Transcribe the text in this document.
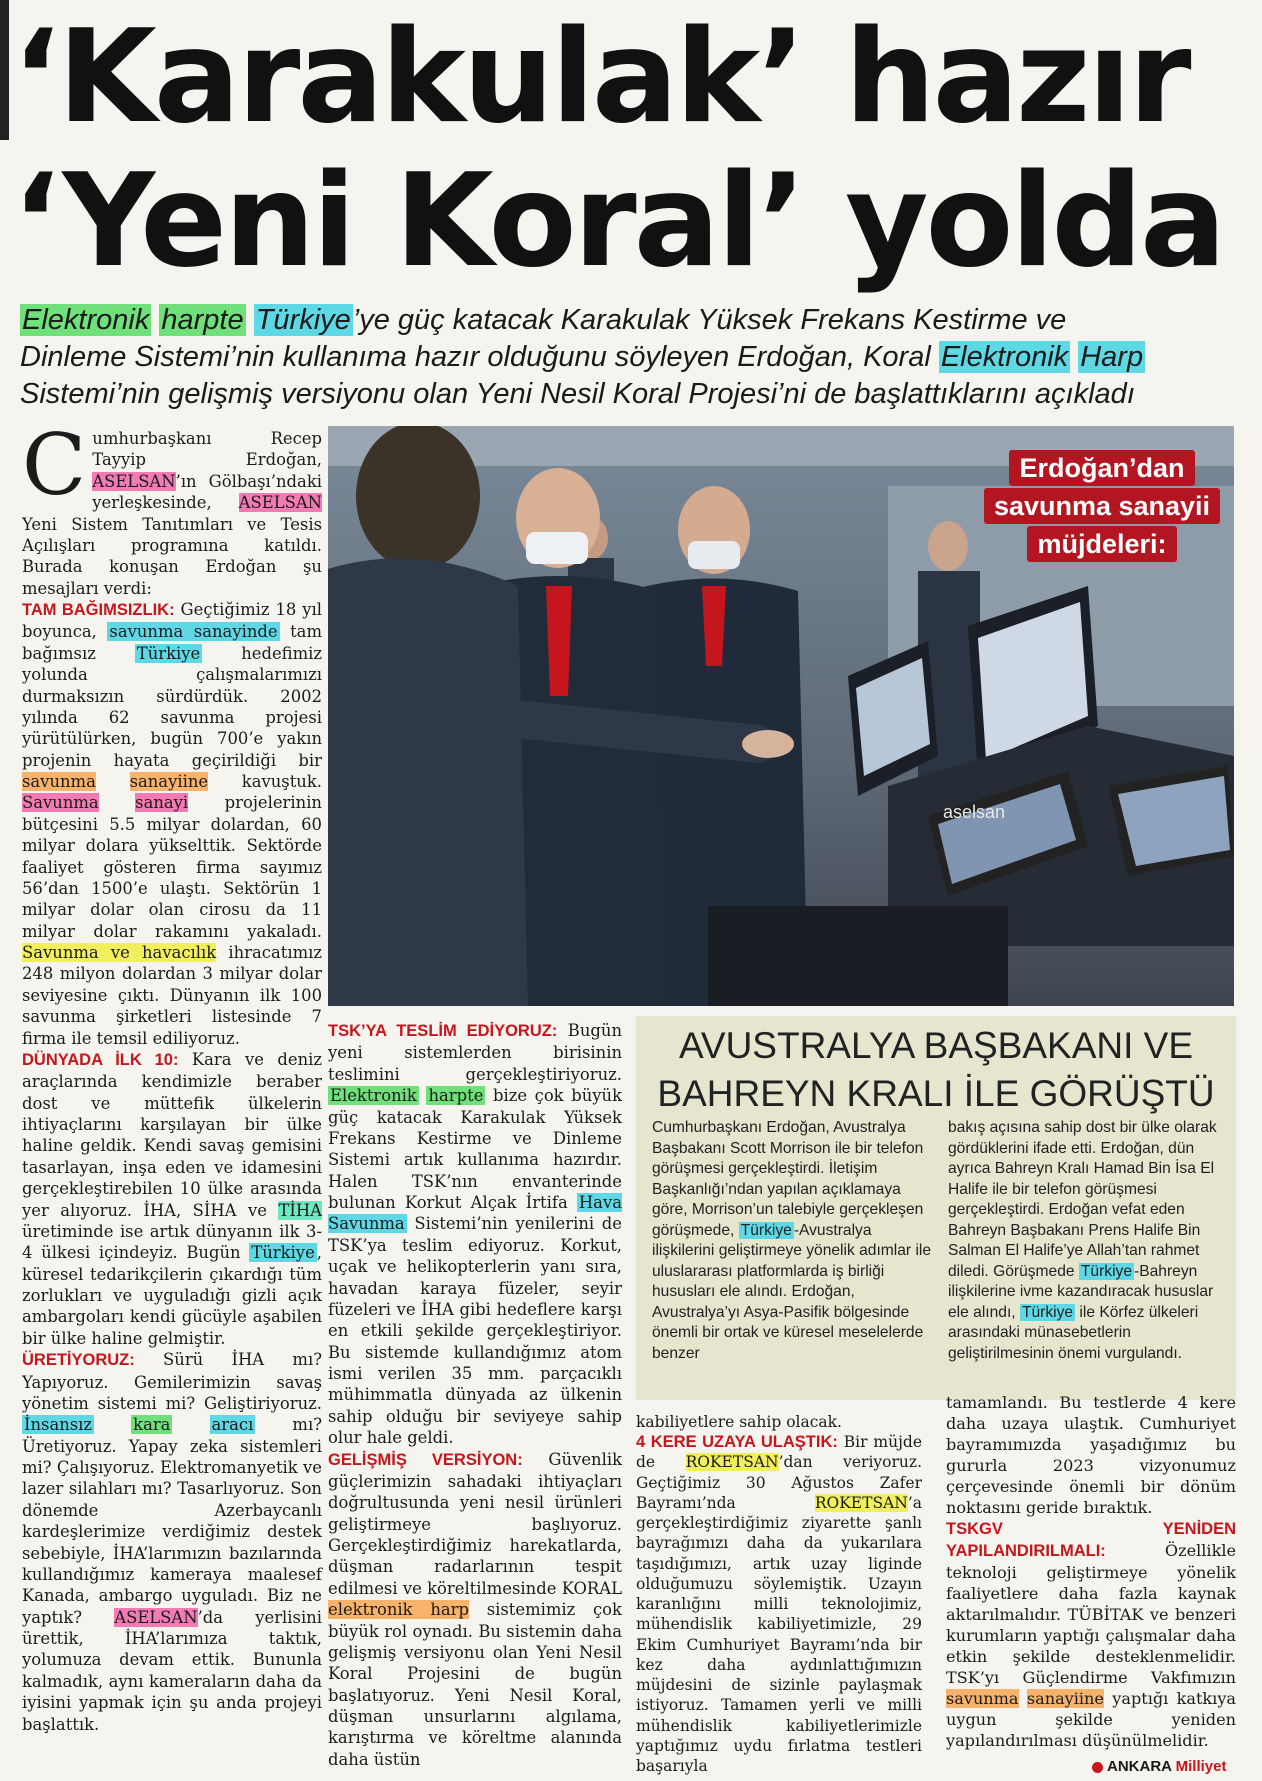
‘Karakulak’ hazır
‘Yeni Koral’ yolda

Elektronik harpte Türkiye’ye güç katacak Karakulak Yüksek Frekans Kestirme ve

Dinleme Sistemi’nin kullanıma hazır olduğunu söyleyen Erdoğan, Koral Elektronik Harp

Sistemi’nin gelişmiş versiyonu olan Yeni Nesil Koral Projesi’ni de başlattıklarını açıkladı

Cumhurbaşkanı Recep Tayyip Erdoğan, ASELSAN’ın Gölbaşı’ndaki yerleşkesinde, ASELSAN Yeni Sistem Tanıtımları ve Tesis Açılışları programına katıldı. Burada konuşan Erdoğan şu mesajları verdi:

TAM BAĞIMSIZLIK: Geçtiğimiz 18 yıl boyunca, savunma sanayinde tam bağımsız Türkiye hedefimiz yolunda çalışmalarımızı durmaksızın sürdürdük. 2002 yılında 62 savunma projesi yürütülürken, bugün 700’e yakın projenin hayata geçirildiği bir savunma sanayiine kavuştuk. Savunma sanayi projelerinin bütçesini 5.5 milyar dolardan, 60 milyar dolara yükselttik. Sektörde faaliyet gösteren firma sayımız 56’dan 1500’e ulaştı. Sektörün 1 milyar dolar olan cirosu da 11 milyar dolar rakamını yakaladı. Savunma ve havacılık ihracatımız 248 milyon dolardan 3 milyar dolar seviyesine çıktı. Dünyanın ilk 100 savunma şirketleri listesinde 7 firma ile temsil ediliyoruz.

DÜNYADA İLK 10: Kara ve deniz araçlarında kendimizle beraber dost ve müttefik ülkelerin ihtiyaçlarını karşılayan bir ülke haline geldik. Kendi savaş gemisini tasarlayan, inşa eden ve idamesini gerçekleştirebilen 10 ülke arasında yer alıyoruz. İHA, SİHA ve TİHA üretiminde ise artık dünyanın ilk 3-4 ülkesi içindeyiz. Bugün Türkiye , küresel tedarikçilerin çıkardığı tüm zorlukları ve uyguladığı gizli açık ambargoları kendi gücüyle aşabilen bir ülke haline gelmiştir.

ÜRETİYORUZ: Sürü İHA mı? Yapıyoruz. Gemilerimizin savaş yönetim sistemi mi? Geliştiriyoruz. İnsansız	kara	aracı mı? Üretiyoruz. Yapay zeka sistemleri mi? Çalışıyoruz. Elektromanyetik ve lazer silahları mı? Tasarlıyoruz. Son dönemde Azerbaycanlı kardeşlerimize verdiğimiz destek sebebiyle, İHA’larımızın bazılarında kullandığımız kameraya maalesef Kanada, ambargo uyguladı. Biz ne yaptık? ASELSAN’da yerlisini ürettik, İHA’larımıza taktık, yolumuza devam ettik. Bununla kalmadık, aynı kameraların daha da iyisini yapmak için şu anda projeyi başlattık.

aselsan
Erdoğan’dan
savunma sanayii
müjdeleri:

TSK’YA TESLİM EDİYORUZ: Bugün yeni sistemlerden birisinin teslimini gerçekleştiriyoruz. Elektronik harpte bize çok büyük güç katacak Karakulak Yüksek Frekans Kestirme ve Dinleme Sistemi artık kullanıma hazırdır. Halen TSK’nın envanterinde bulunan Korkut Alçak İrtifa Hava Savunma Sistemi’nin yenilerini de TSK’ya teslim ediyoruz. Korkut, uçak ve helikopterlerin yanı sıra, havadan karaya füzeler, seyir füzeleri ve İHA gibi hedeflere karşı en etkili şekilde gerçekleştiriyor. Bu sistemde kullandığımız atom ismi verilen 35 mm. parçacıklı mühimmatla dünyada az ülkenin sahip olduğu bir seviyeye sahip olur hale geldi.

GELİŞMİŞ VERSİYON: Güvenlik güçlerimizin sahadaki ihtiyaçları doğrultusunda yeni nesil ürünleri geliştirmeye başlıyoruz. Gerçekleştirdiğimiz harekatlarda, düşman radarlarının tespit edilmesi ve köreltilmesinde KORAL elektronik harp sistemimiz çok büyük rol oynadı. Bu sistemin daha gelişmiş versiyonu olan Yeni Nesil Koral Projesini de bugün başlatıyoruz. Yeni Nesil Koral, düşman unsurlarını algılama, karıştırma ve köreltme alanında daha üstün

AVUSTRALYA BAŞBAKANI VE
BAHREYN KRALI İLE GÖRÜŞTÜ
Cumhurbaşkanı Erdoğan, Avustralya Başbakanı Scott Morrison ile bir telefon görüşmesi gerçekleştirdi. İletişim Başkanlığı’ndan yapılan açıklamaya göre, Morrison’un talebiyle gerçekleşen görüşmede, Türkiye -Avustralya ilişkilerini geliştirmeye yönelik adımlar ile uluslararası platformlarda iş birliği hususları ele alındı. Erdoğan, Avustralya’yı Asya-Pasifik bölgesinde önemli bir ortak ve küresel meselelerde benzer
bakış açısına sahip dost bir ülke olarak gördüklerini ifade etti. Erdoğan, dün ayrıca Bahreyn Kralı Hamad Bin İsa El Halife ile bir telefon görüşmesi gerçekleştirdi. Erdoğan vefat eden Bahreyn Başbakanı Prens Halife Bin Salman El Halife’ye Allah’tan rahmet diledi. Görüşmede Türkiye -Bahreyn ilişkilerine ivme kazandıracak hususlar ele alındı, Türkiye ile Körfez ülkeleri arasındaki münasebetlerin geliştirilmesinin önemi vurgulandı.

kabiliyetlere sahip olacak.

4 KERE UZAYA ULAŞTIK: Bir müjde de ROKETSAN’dan veriyoruz. Geçtiğimiz 30 Ağustos Zafer Bayramı’nda ROKETSAN’a gerçekleştirdiğimiz ziyarette şanlı bayrağımızı daha da yukarılara taşıdığımızı, artık uzay liginde olduğumuzu söylemiştik. Uzayın karanlığını milli teknolojimiz, mühendislik kabiliyetimizle, 29 Ekim Cumhuriyet Bayramı’nda bir kez daha aydınlattığımızın müjdesini de sizinle paylaşmak istiyoruz. Tamamen yerli ve milli mühendislik kabiliyetlerimizle yaptığımız uydu fırlatma testleri başarıyla

tamamlandı. Bu testlerde 4 kere daha uzaya ulaştık. Cumhuriyet bayramımızda yaşadığımız bu gururla 2023 vizyonumuz çerçevesinde önemli bir dönüm noktasını geride bıraktık.

TSKGV YENİDEN YAPILANDIRILMALI: Özellikle teknoloji geliştirmeye yönelik faaliyetlere daha fazla kaynak aktarılmalıdır. TÜBİTAK ve benzeri kurumların yaptığı çalışmalar daha etkin şekilde desteklenmelidir. TSK’yı Güçlendirme Vakfımızın savunma sanayiine yaptığı katkıya uygun şekilde yeniden yapılandırılması düşünülmelidir.

ANKARA Milliyet
